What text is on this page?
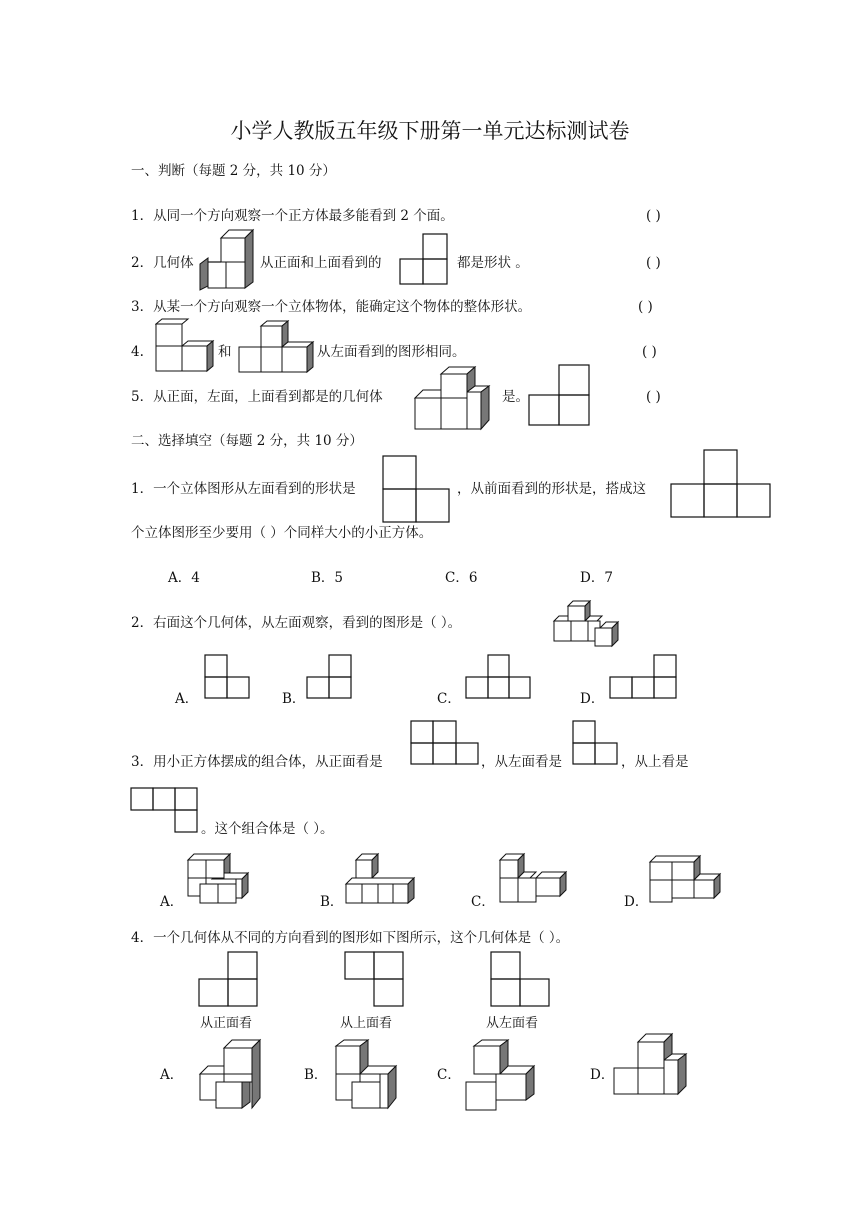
小学人教版五年级下册第一单元达标测试卷
一、判断（每题 2 分，共 10 分）
1．从同一个方向观察一个正方体最多能看到 2 个面。	( )
2．几何体	从正面和上面看到的	都是形状 。	( )
3．从某一个方向观察一个立体物体，能确定这个物体的整体形状。	( )
4.	和	从左面看到的图形相同。	( )
5．从正面，左面，上面看到都是的几何体	是。	( )
二、选择填空（每题 2 分，共 10 分）
1．一个立体图形从左面看到的形状是	，从前面看到的形状是，搭成这
个立体图形至少要用（ ）个同样大小的小正方体。
A．4	B．5	C．6	D．7
2．右面这个几何体，从左面观察，看到的图形是（ ）。
A．	B．	C．	D．
3．用小正方体摆成的组合体，从正面看是	，从左面看是	，从上看是
。这个组合体是（ ）。
A．	B．	C．	D．
4．一个几何体从不同的方向看到的图形如下图所示，这个几何体是（ ）。
从正面看	从上面看	从左面看
A．	B．	C．	D．
